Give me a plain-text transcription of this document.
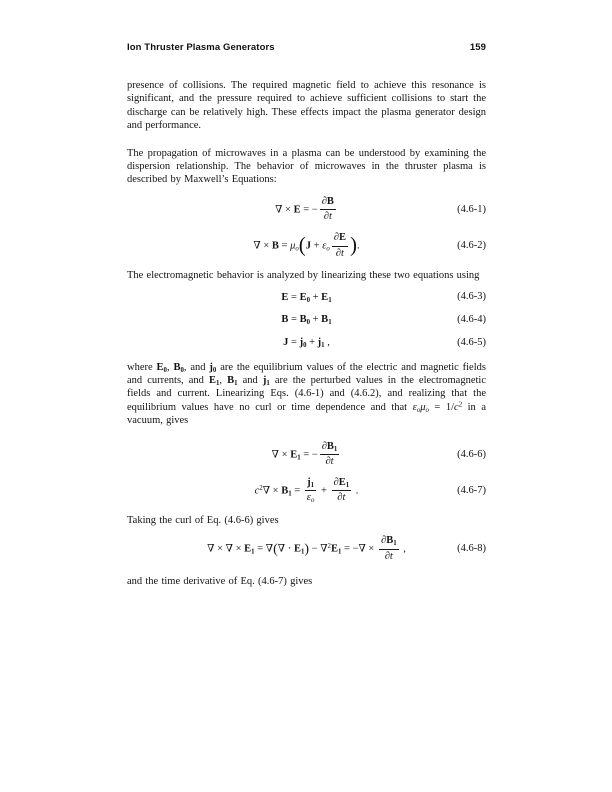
Ion Thruster Plasma Generators	159

presence of collisions. The required magnetic field to achieve this resonance is significant, and the pressure required to achieve sufficient collisions to start the discharge can be relatively high. These effects impact the plasma generator design and performance.

The propagation of microwaves in a plasma can be understood by examining the dispersion relationship. The behavior of microwaves in the thruster plasma is described by Maxwell’s Equations:

∇ × E = − $\frac{\partial B}{\partial t}$	(4.6-1)
∇ × $B = \mu_o(J + \varepsilon_o \frac{\partial E}{\partial t}$ ).	(4.6-2)

The electromagnetic behavior is analyzed by linearizing these two equations using

$E = E_0 + E_1$	(4.6-3)
$B = B_0 + B_1$	(4.6-4)
$J = j_0 + j_1$ ,	(4.6-5)

where $E_0$, $B_0$, and $j_0$ are the equilibrium values of the electric and magnetic fields and currents, and $E_1$, $B_1$ and $j_1$ are the perturbed values in the electromagnetic fields and current. Linearizing Eqs. (4.6-1) and (4.6.2), and realizing that the equilibrium values have no curl or time dependence and that $\varepsilon_o\mu_o = 1/c^2$ in a vacuum, gives

∇ × $E_1$ = − $\frac{\partial B_1}{\partial t}$	(4.6-6)
$c^2\nabla \times B_1 = \frac{j_1}{\varepsilon_o} + \frac{\partial E_1}{\partial t}$ .	(4.6-7)

Taking the curl of Eq. (4.6-6) gives

∇ × ∇ × $E_1$ = ∇(∇ ⋅ $E_1) - \nabla^2E_1$ = −∇ × $\frac{\partial B_1}{\partial t}$ ,	(4.6-8)

and the time derivative of Eq. (4.6-7) gives
